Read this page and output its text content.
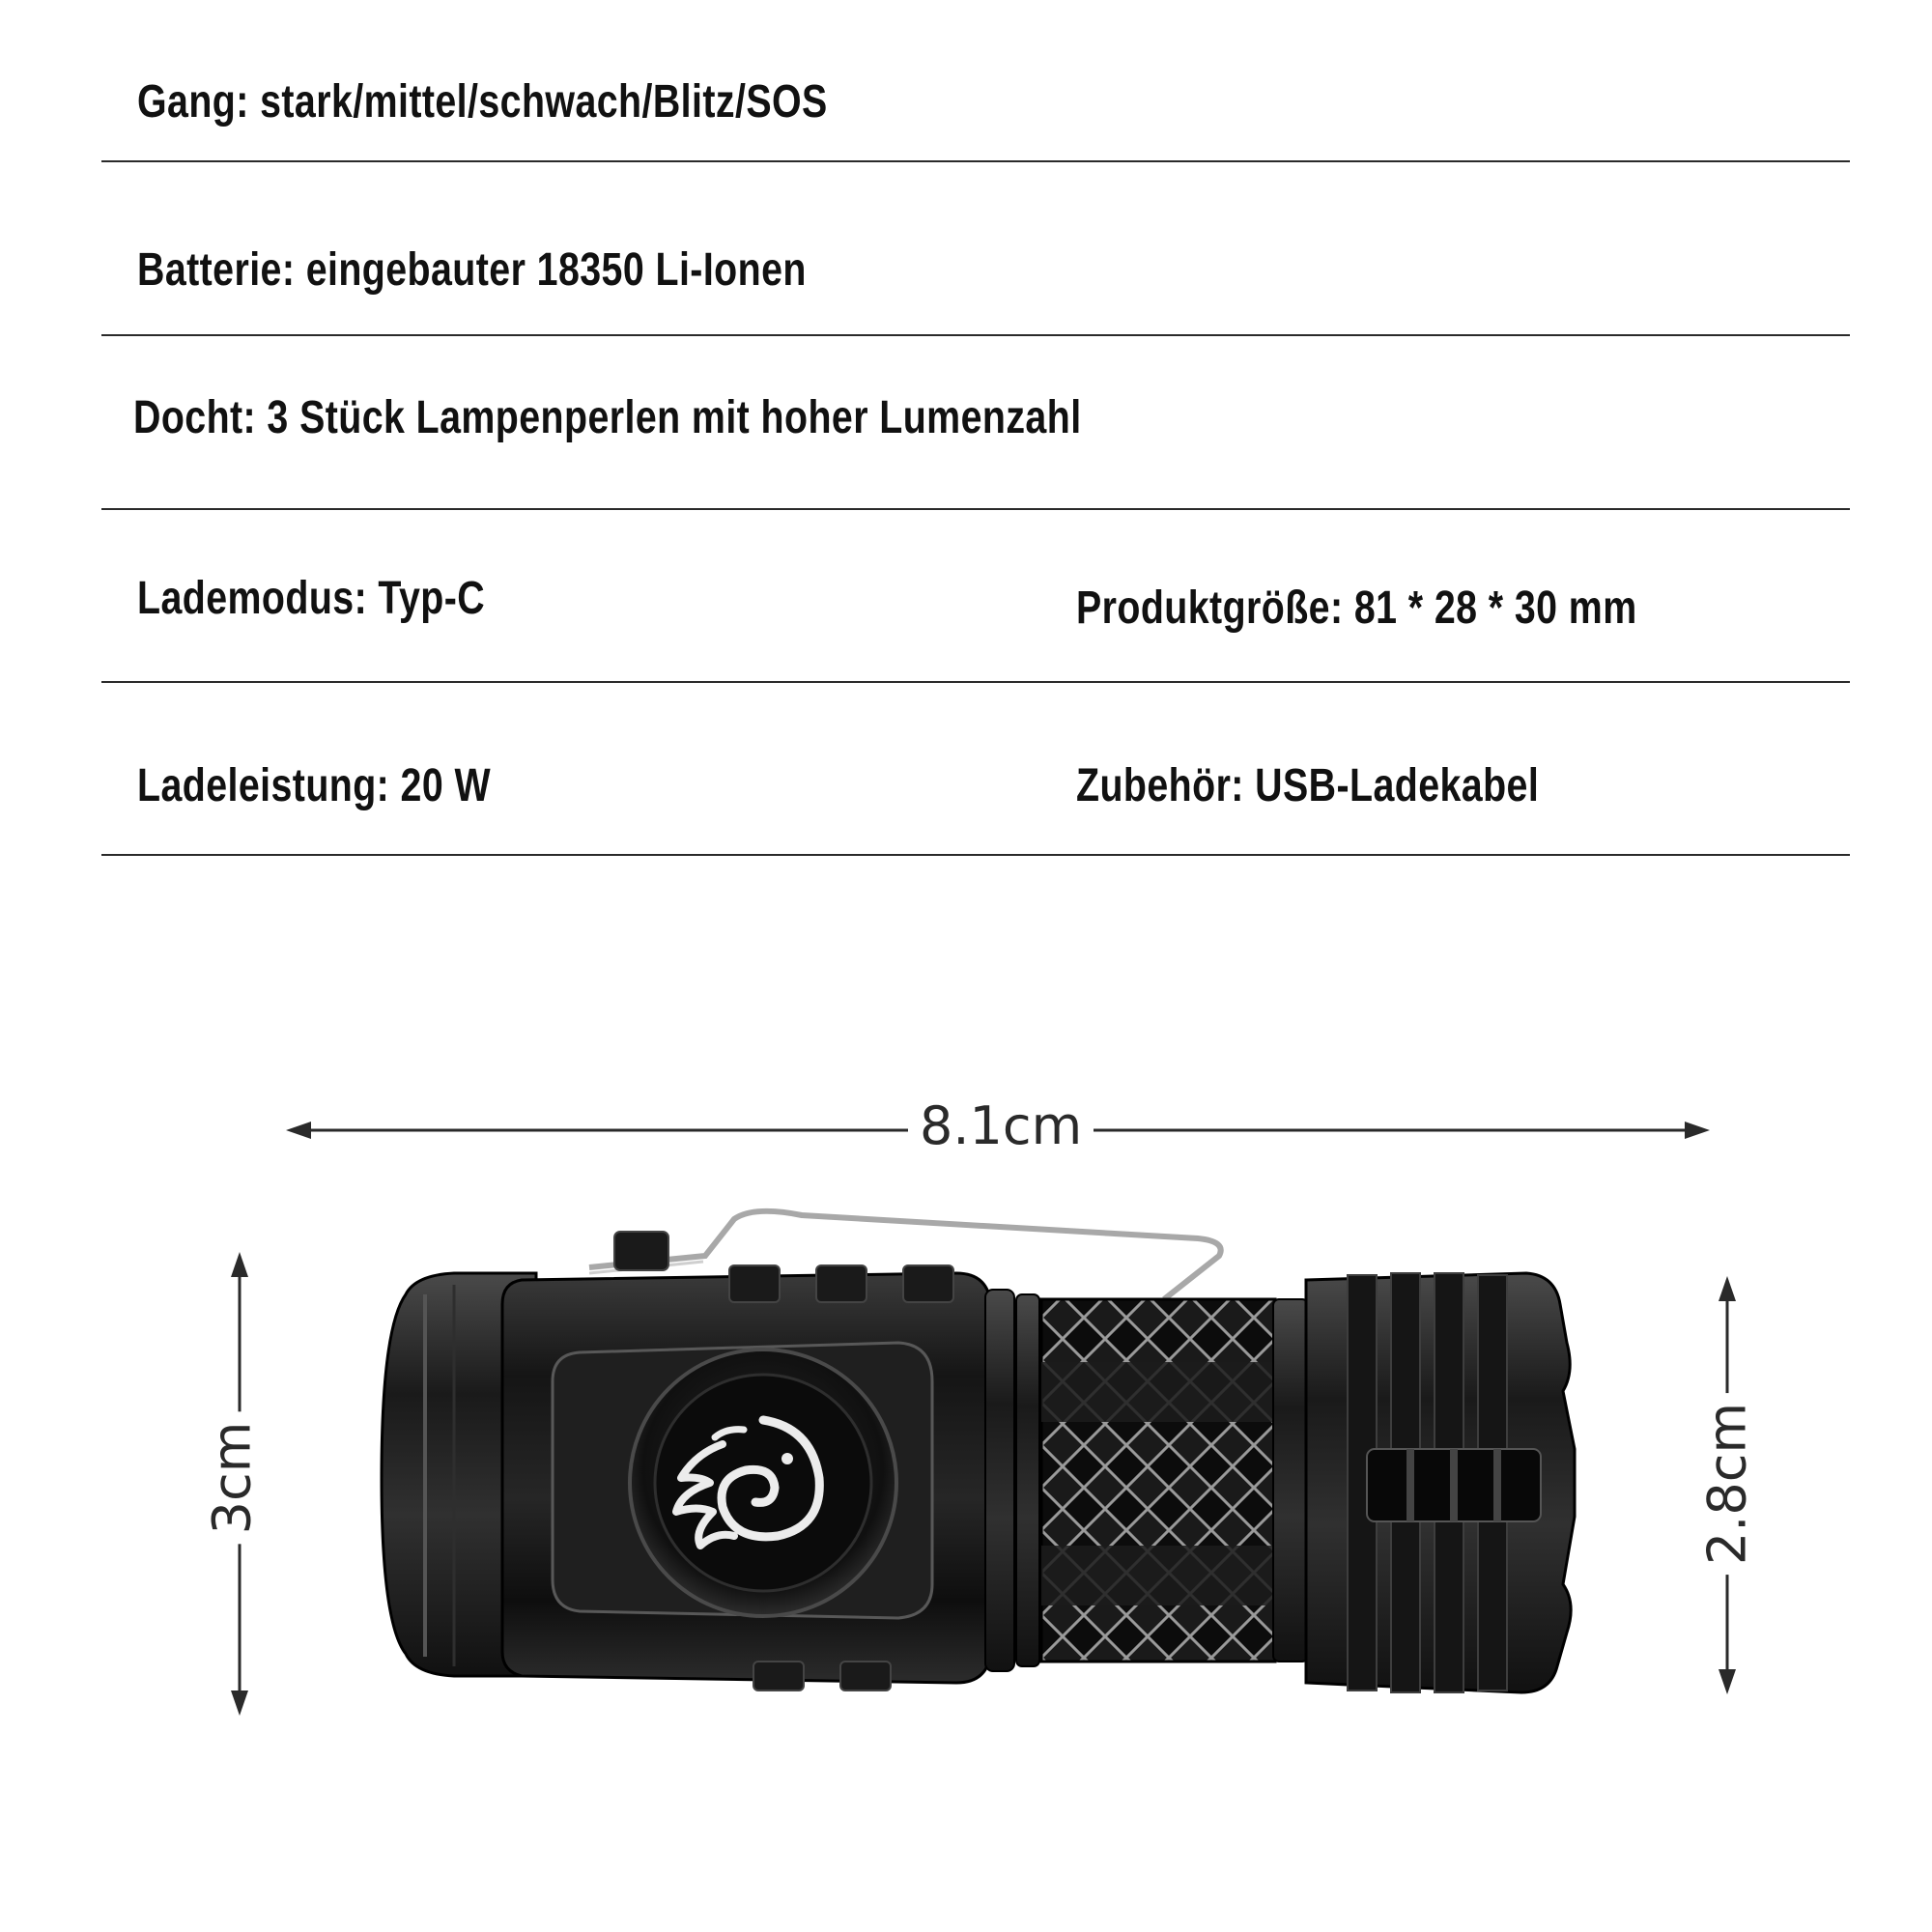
Gang: stark/mittel/schwach/Blitz/SOS
Batterie: eingebauter 18350 Li-Ionen
Docht: 3 Stück Lampenperlen mit hoher Lumenzahl
Lademodus: Typ-C	Produktgröße: 81 * 28 * 30 mm
Ladeleistung: 20 W	Zubehör: USB-Ladekabel
8.1cm
3cm	2.8cm
